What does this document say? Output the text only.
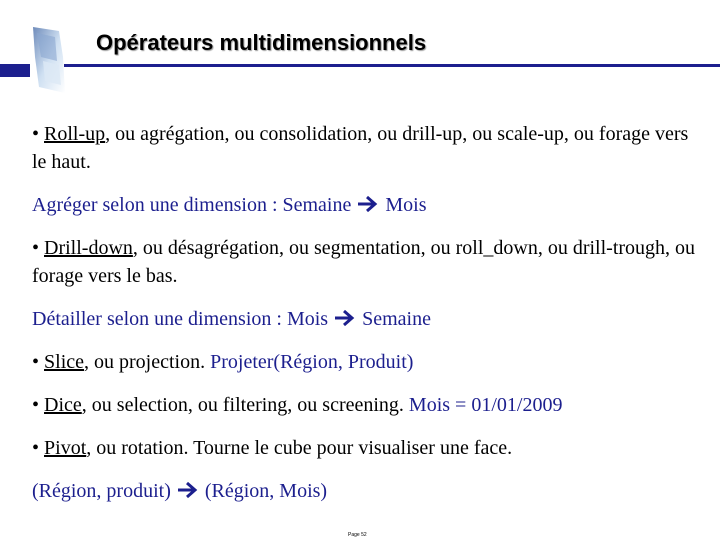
Opérateurs multidimensionnels

• Roll-up, ou agrégation, ou consolidation, ou drill-up, ou scale-up, ou forage vers le haut.

Agréger selon une dimension : Semaine Mois

• Drill-down, ou désagrégation, ou segmentation, ou roll_down, ou drill-trough, ou forage vers le bas.

Détailler selon une dimension : Mois Semaine

• Slice, ou projection. Projeter(Région, Produit)

• Dice, ou selection, ou filtering, ou screening. Mois = 01/01/2009

• Pivot, ou rotation. Tourne le cube pour visualiser une face.

(Région, produit) (Région, Mois)

Page 52
